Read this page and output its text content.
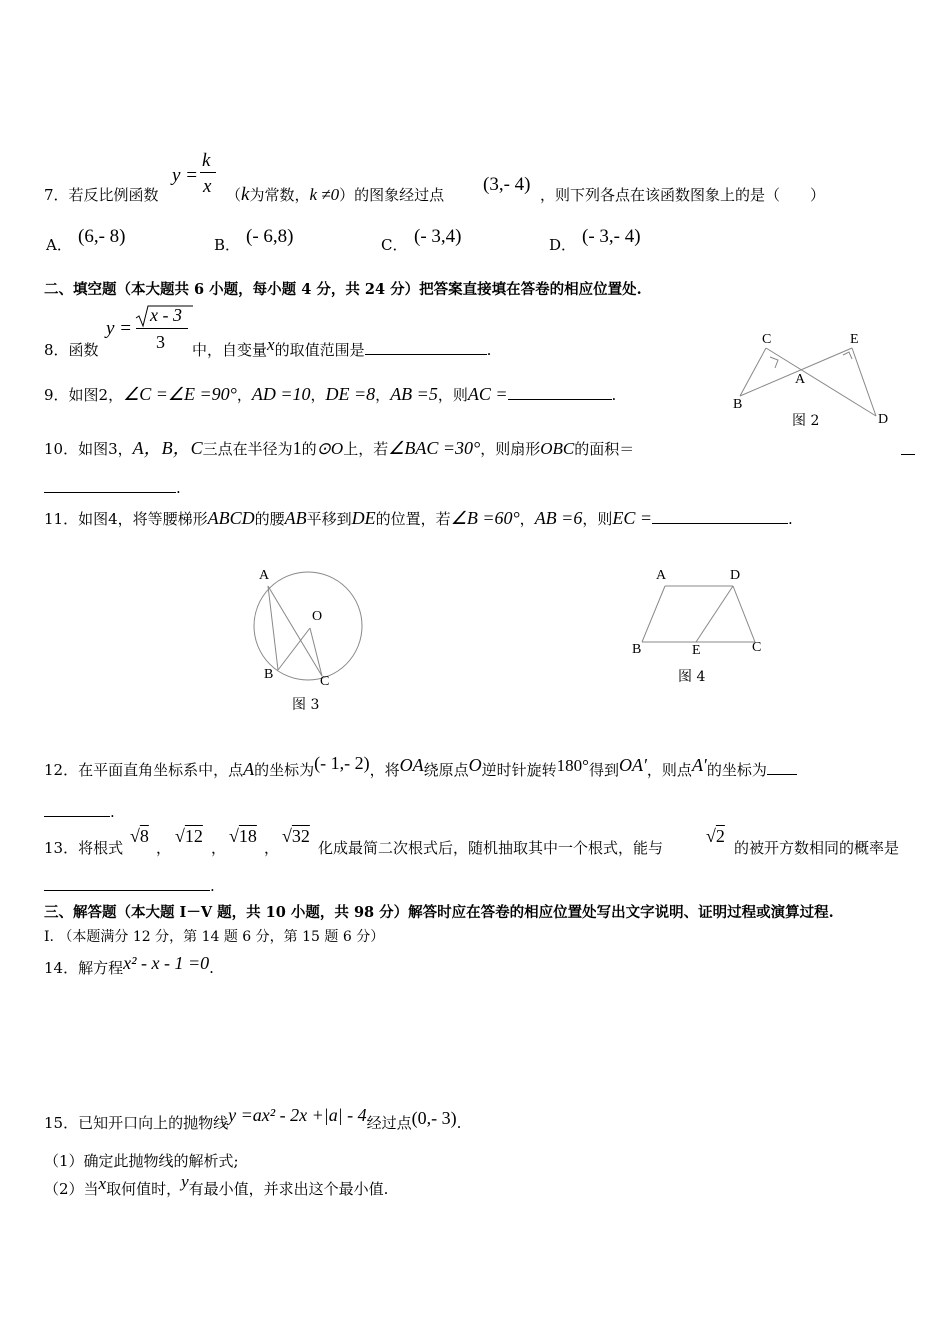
7．若反比例函数
y =
k
x （k为常数，k ≠0）的图象经过点 (3,- 4) ，则下列各点在该函数图象上的是（　　）
A． (6,- 8)	B． (- 6,8)	C． (- 3,4)	D． (- 3,- 4)
二、填空题（本大题共 6 小题，每小题 4 分，共 24 分）把答案直接填在答卷的相应位置处.
8．函数
y =
x - 3
3 中，自变量x的取值范围是	.
9．如图2，∠C =∠E =90°，AD =10，DE =8，AB =5，则AC =	.
C	E
A
B
D
图 2
10．如图3，A，B，C三点在半径为1的⊙O上，若∠BAC =30°，则扇形OBC的面积＝
.
11．如图4，将等腰梯形ABCD的腰AB平移到DE的位置，若∠B =60°，AB =6，则EC =	.
A
O
B	C
图 3
A	D
B	E	C
图 4
12．在平面直角坐标系中，点A的坐标为(- 1,- 2)，将OA绕原点O逆时针旋转180°得到OA′，则点A′的坐标为
.
13．将根式
√8
，
√12
，
√18
，
√32
化成最简二次根式后，随机抽取其中一个根式，能与
√2
的被开方数相同的概率是
.
三、解答题（本大题 I－V 题，共 10 小题，共 98 分）解答时应在答卷的相应位置处写出文字说明、证明过程或演算过程.
I. （本题满分 12 分，第 14 题 6 分，第 15 题 6 分）
14．解方程x² - x - 1 =0.
15．已知开口向上的抛物线y =ax² - 2x +|a| - 4经过点(0,- 3).
（1）确定此抛物线的解析式;
（2）当x取何值时，y有最小值，并求出这个最小值.
